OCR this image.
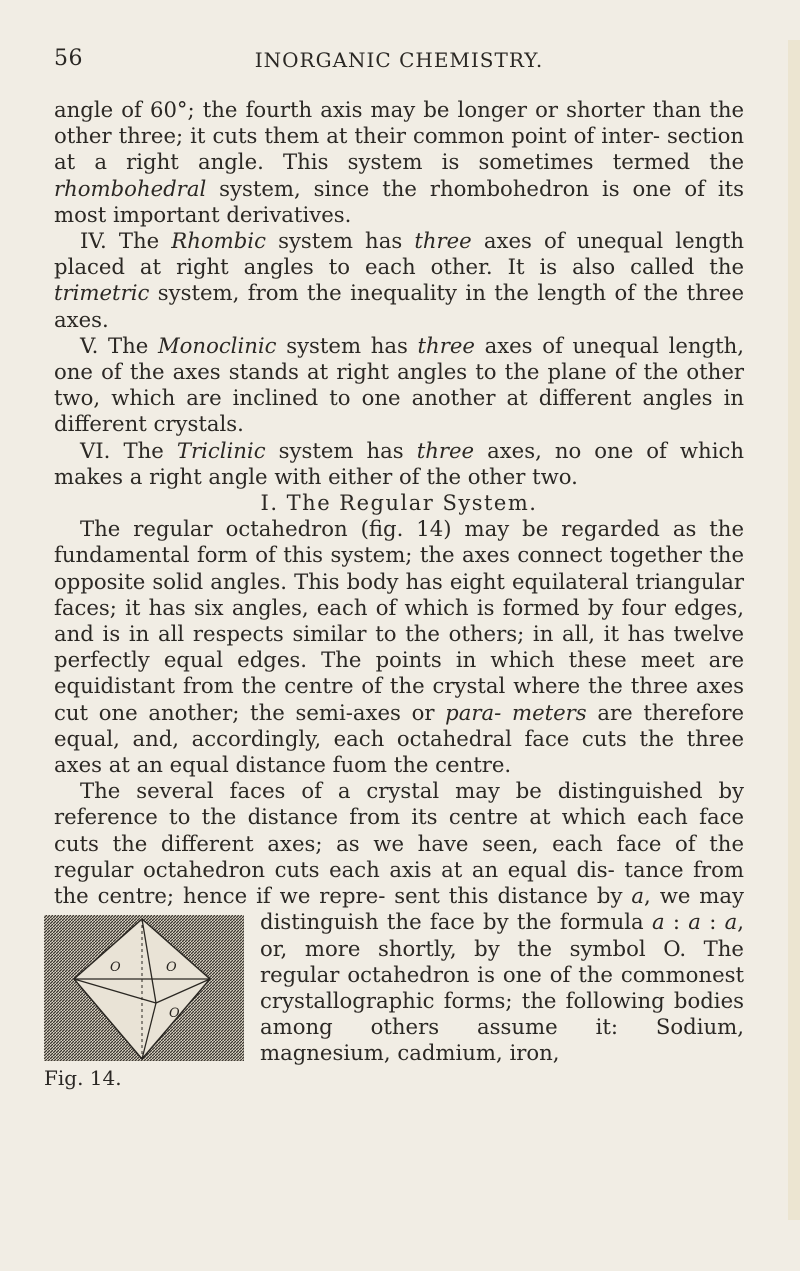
56	INORGANIC CHEMISTRY.

angle of 60°; the fourth axis may be longer or shorter than the other three; it cuts them at their common point of inter- section at a right angle. This system is sometimes termed the rhombohedral system, since the rhombohedron is one of its most important derivatives.

IV. The Rhombic system has three axes of unequal length placed at right angles to each other. It is also called the trimetric system, from the inequality in the length of the three axes.

V. The Monoclinic system has three axes of unequal length, one of the axes stands at right angles to the plane of the other two, which are inclined to one another at different angles in different crystals.

VI. The Triclinic system has three axes, no one of which makes a right angle with either of the other two.

I. The Regular System.

The regular octahedron (fig. 14) may be regarded as the fundamental form of this system; the axes connect together the opposite solid angles. This body has eight equilateral triangular faces; it has six angles, each of which is formed by four edges, and is in all respects similar to the others; in all, it has twelve perfectly equal edges. The points in which these meet are equidistant from the centre of the crystal where the three axes cut one another; the semi-axes or para- meters are therefore equal, and, accordingly, each octahedral face cuts the three axes at an equal distance fuom the centre.

The several faces of a crystal may be distinguished by reference to the distance from its centre at which each face cuts the different axes; as we have seen, each face of the regular octahedron cuts each axis at an equal dis- tance from the centre; hence if we repre- sent this distance by
O	O
O
Fig. 14.
a, we may distinguish the face by the formula a : a : a, or, more shortly, by the symbol O. The regular octahedron is one of the commonest crystallographic forms; the following bodies among others assume it: Sodium, magnesium, cadmium, iron,
